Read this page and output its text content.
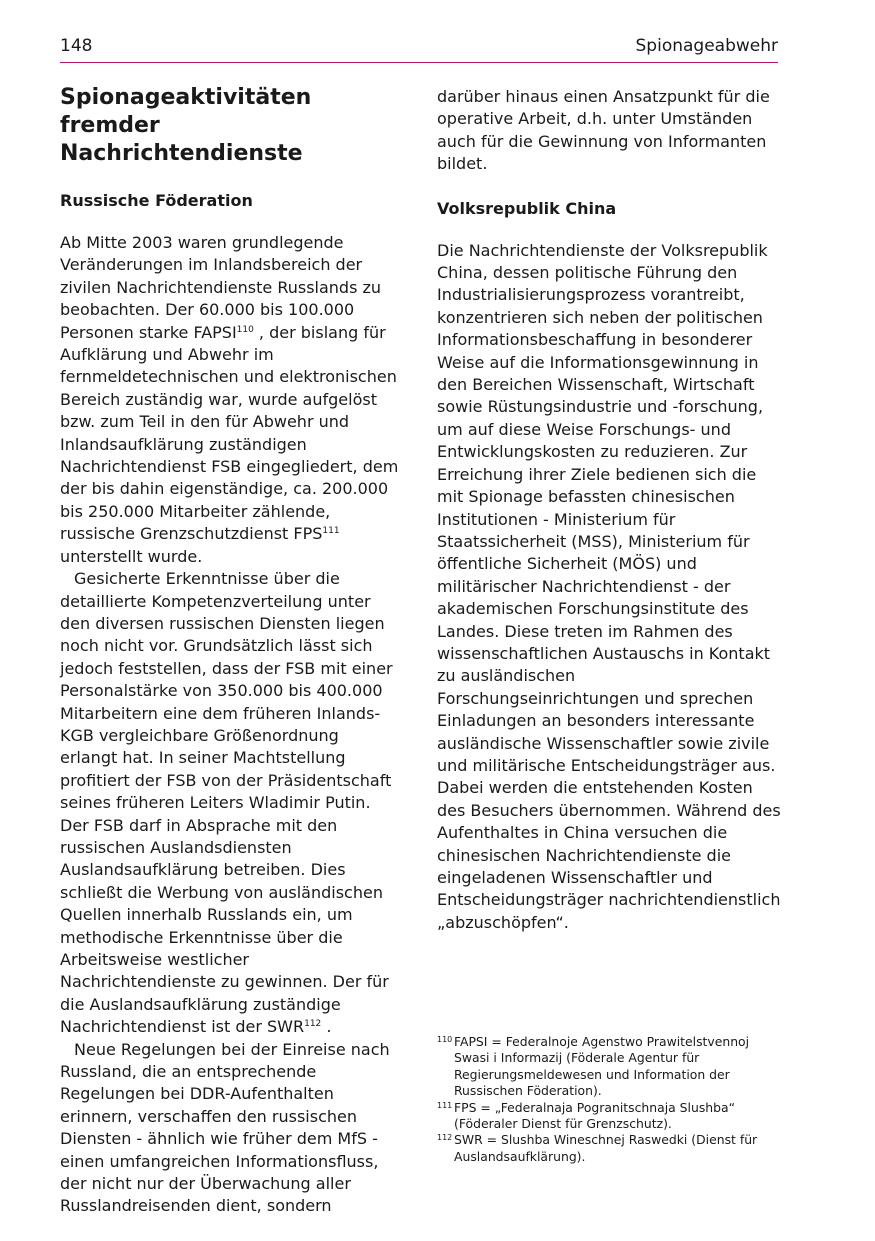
148	Spionageabwehr
Spionageaktivitäten fremder Nachrichtendienste
Russische Föderation

Ab Mitte 2003 waren grundlegende Veränderungen im Inlandsbereich der zivilen Nachrichtendienste Russlands zu beobachten. Der 60.000 bis 100.000 Personen starke FAPSI$^{110}$ , der bislang für Aufklärung und Abwehr im fernmeldetechnischen und elektronischen Bereich zuständig war, wurde aufgelöst bzw. zum Teil in den für Abwehr und Inlandsaufklärung zuständigen Nachrichtendienst FSB eingegliedert, dem der bis dahin eigenständige, ca. 200.000 bis 250.000 Mitarbeiter zählende, russische Grenzschutzdienst FPS$^{111}$ unterstellt wurde.

Gesicherte Erkenntnisse über die detaillierte Kompetenzverteilung unter den diversen russischen Diensten liegen noch nicht vor. Grundsätzlich lässt sich jedoch feststellen, dass der FSB mit einer Personalstärke von 350.000 bis 400.000 Mitarbeitern eine dem früheren Inlands-KGB vergleichbare Größenordnung erlangt hat. In seiner Machtstellung profitiert der FSB von der Präsidentschaft seines früheren Leiters Wladimir Putin. Der FSB darf in Absprache mit den russischen Auslandsdiensten Auslandsaufklärung betreiben. Dies schließt die Werbung von ausländischen Quellen innerhalb Russlands ein, um methodische Erkenntnisse über die Arbeitsweise westlicher Nachrichtendienste zu gewinnen. Der für die Auslandsaufklärung zuständige Nachrichtendienst ist der SWR$^{112}$ .

Neue Regelungen bei der Einreise nach Russland, die an entsprechende Regelungen bei DDR-Aufenthalten erinnern, verschaffen den russischen Diensten - ähnlich wie früher dem MfS - einen umfangreichen Informationsfluss, der nicht nur der Überwachung aller Russlandreisenden dient, sondern

darüber hinaus einen Ansatzpunkt für die operative Arbeit, d.h. unter Umständen auch für die Gewinnung von Informanten bildet.

Volksrepublik China

Die Nachrichtendienste der Volksrepublik China, dessen politische Führung den Industrialisierungsprozess vorantreibt, konzentrieren sich neben der politischen Informationsbeschaffung in besonderer Weise auf die Informationsgewinnung in den Bereichen Wissenschaft, Wirtschaft sowie Rüstungsindustrie und -forschung, um auf diese Weise Forschungs- und Entwicklungskosten zu reduzieren. Zur Erreichung ihrer Ziele bedienen sich die mit Spionage befassten chinesischen Institutionen - Ministerium für Staatssicherheit (MSS), Ministerium für öffentliche Sicherheit (MÖS) und militärischer Nachrichtendienst - der akademischen Forschungsinstitute des Landes. Diese treten im Rahmen des wissenschaftlichen Austauschs in Kontakt zu ausländischen Forschungseinrichtungen und sprechen Einladungen an besonders interessante ausländische Wissenschaftler sowie zivile und militärische Entscheidungsträger aus. Dabei werden die entstehenden Kosten des Besuchers übernommen. Während des Aufenthaltes in China versuchen die chinesischen Nachrichtendienste die eingeladenen Wissenschaftler und Entscheidungsträger nachrichtendienstlich „abzuschöpfen“.

110 FAPSI = Federalnoje Agenstwo Prawitelstvennoj Swasi i Informazij (Föderale Agentur für Regierungsmeldewesen und Information der Russischen Föderation).

111 FPS = „Federalnaja Pogranitschnaja Slushba“ (Föderaler Dienst für Grenzschutz).

112 SWR = Slushba Wineschnej Raswedki (Dienst für Auslandsaufklärung).
